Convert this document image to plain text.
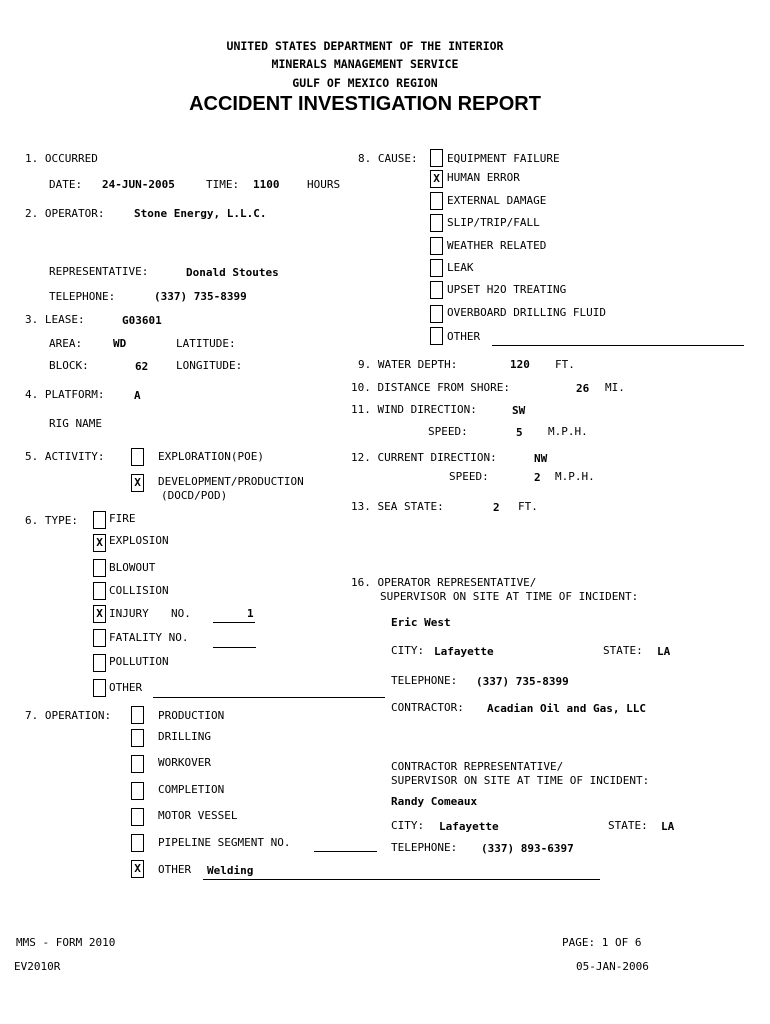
UNITED STATES DEPARTMENT OF THE INTERIOR
MINERALS MANAGEMENT SERVICE
GULF OF MEXICO REGION
ACCIDENT INVESTIGATION REPORT
1. OCCURRED
DATE: 24-JUN-2005	TIME: 1100	HOURS
2. OPERATOR:	Stone Energy, L.L.C.
REPRESENTATIVE:	Donald Stoutes
TELEPHONE:	(337) 735-8399
3. LEASE:	G03601
AREA:	WD	LATITUDE:
BLOCK:	62	LONGITUDE:
4. PLATFORM:	A
RIG NAME
5. ACTIVITY:	EXPLORATION(POE)
X DEVELOPMENT/PRODUCTION
(DOCD/POD)
6. TYPE:	FIRE
X EXPLOSION
BLOWOUT
COLLISION
X INJURY NO.	1
FATALITY NO.
POLLUTION
OTHER
7. OPERATION:	PRODUCTION
DRILLING
WORKOVER
COMPLETION
MOTOR VESSEL
PIPELINE SEGMENT NO.
X OTHER Welding
8. CAUSE:	EQUIPMENT FAILURE
X HUMAN ERROR
EXTERNAL DAMAGE
SLIP/TRIP/FALL
WEATHER RELATED
LEAK
UPSET H2O TREATING
OVERBOARD DRILLING FLUID
OTHER
9. WATER DEPTH:	120 FT.
10. DISTANCE FROM SHORE:	26 MI.
11. WIND DIRECTION:	SW
SPEED:	5 M.P.H.
12. CURRENT DIRECTION:	NW
SPEED:	2 M.P.H.
13. SEA STATE:	2 FT.
16. OPERATOR REPRESENTATIVE/
SUPERVISOR ON SITE AT TIME OF INCIDENT:
Eric West
CITY: Lafayette	STATE: LA
TELEPHONE: (337) 735-8399
CONTRACTOR: Acadian Oil and Gas, LLC
CONTRACTOR REPRESENTATIVE/
SUPERVISOR ON SITE AT TIME OF INCIDENT:
Randy Comeaux
CITY: Lafayette	STATE: LA
TELEPHONE: (337) 893-6397
MMS - FORM 2010	PAGE: 1 OF 6
EV2010R	05-JAN-2006
